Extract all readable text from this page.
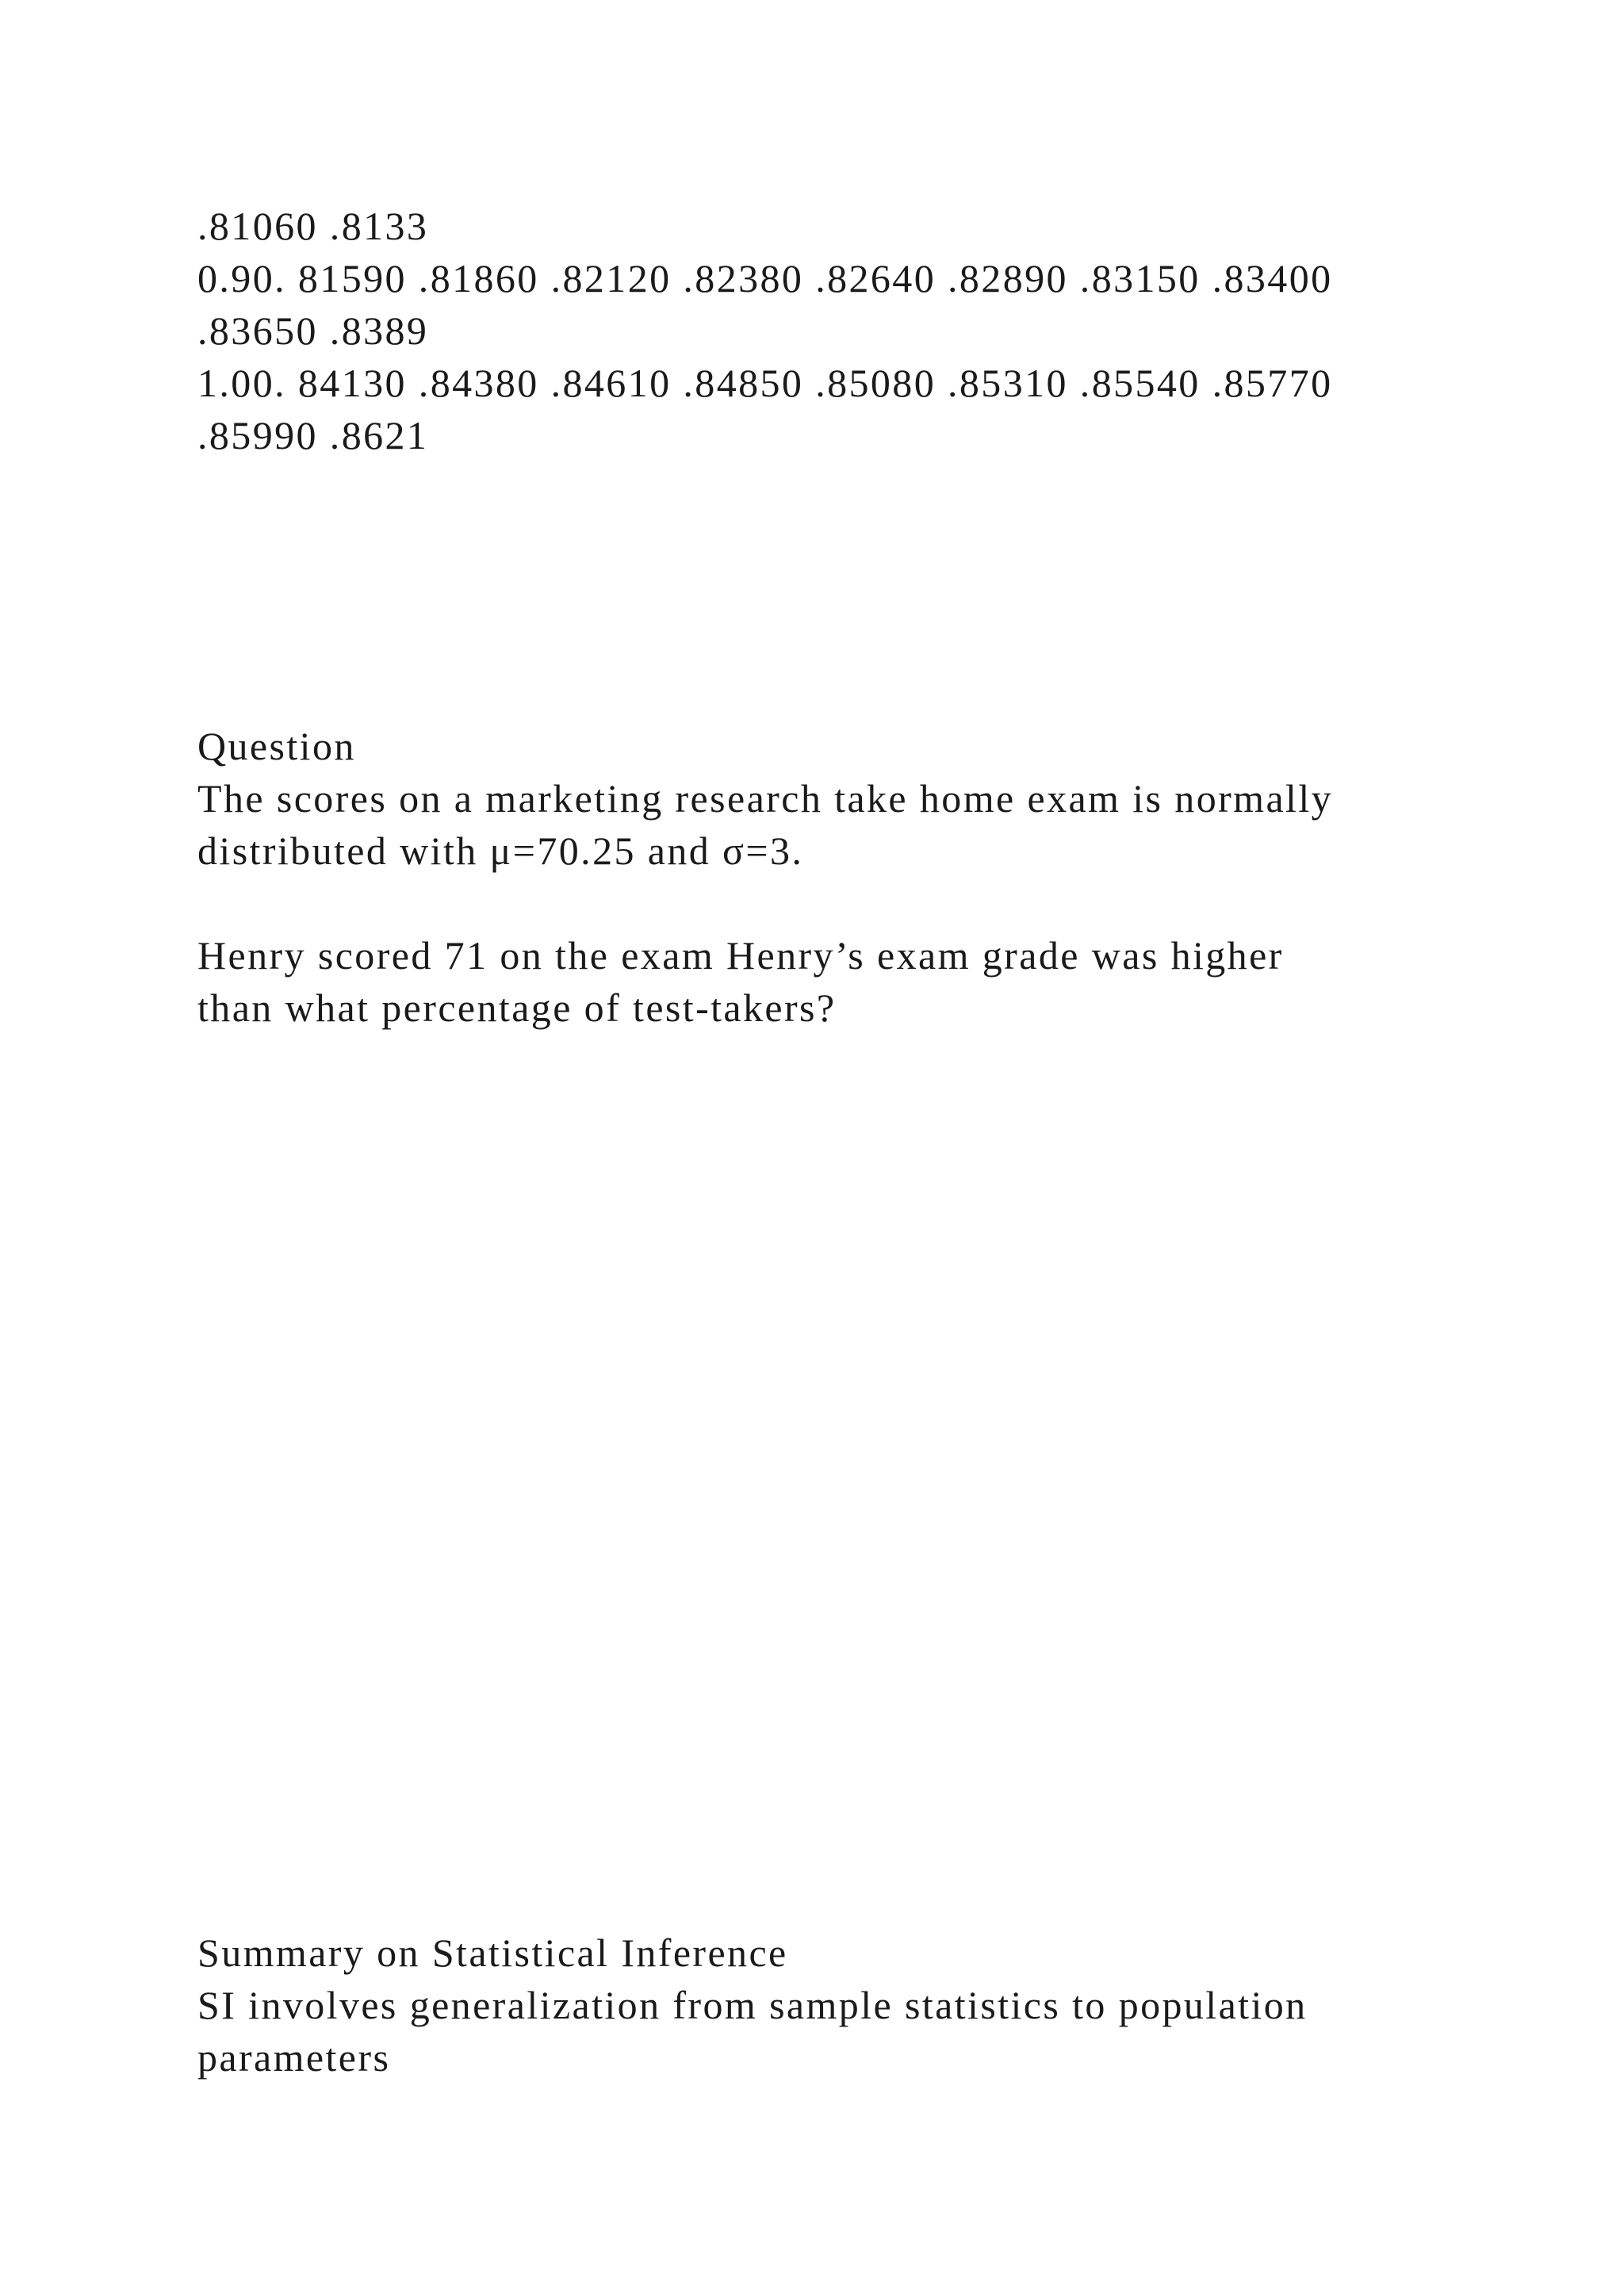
.81060 .8133

0.90. 81590 .81860 .82120 .82380 .82640 .82890 .83150 .83400

.83650 .8389

1.00. 84130 .84380 .84610 .84850 .85080 .85310 .85540 .85770

.85990 .8621

Question

The scores on a marketing research take home exam is normally

distributed with μ=70.25 and σ=3.

Henry scored 71 on the exam Henry’s exam grade was higher

than what percentage of test-takers?

Summary on Statistical Inference

SI involves generalization from sample statistics to population

parameters
